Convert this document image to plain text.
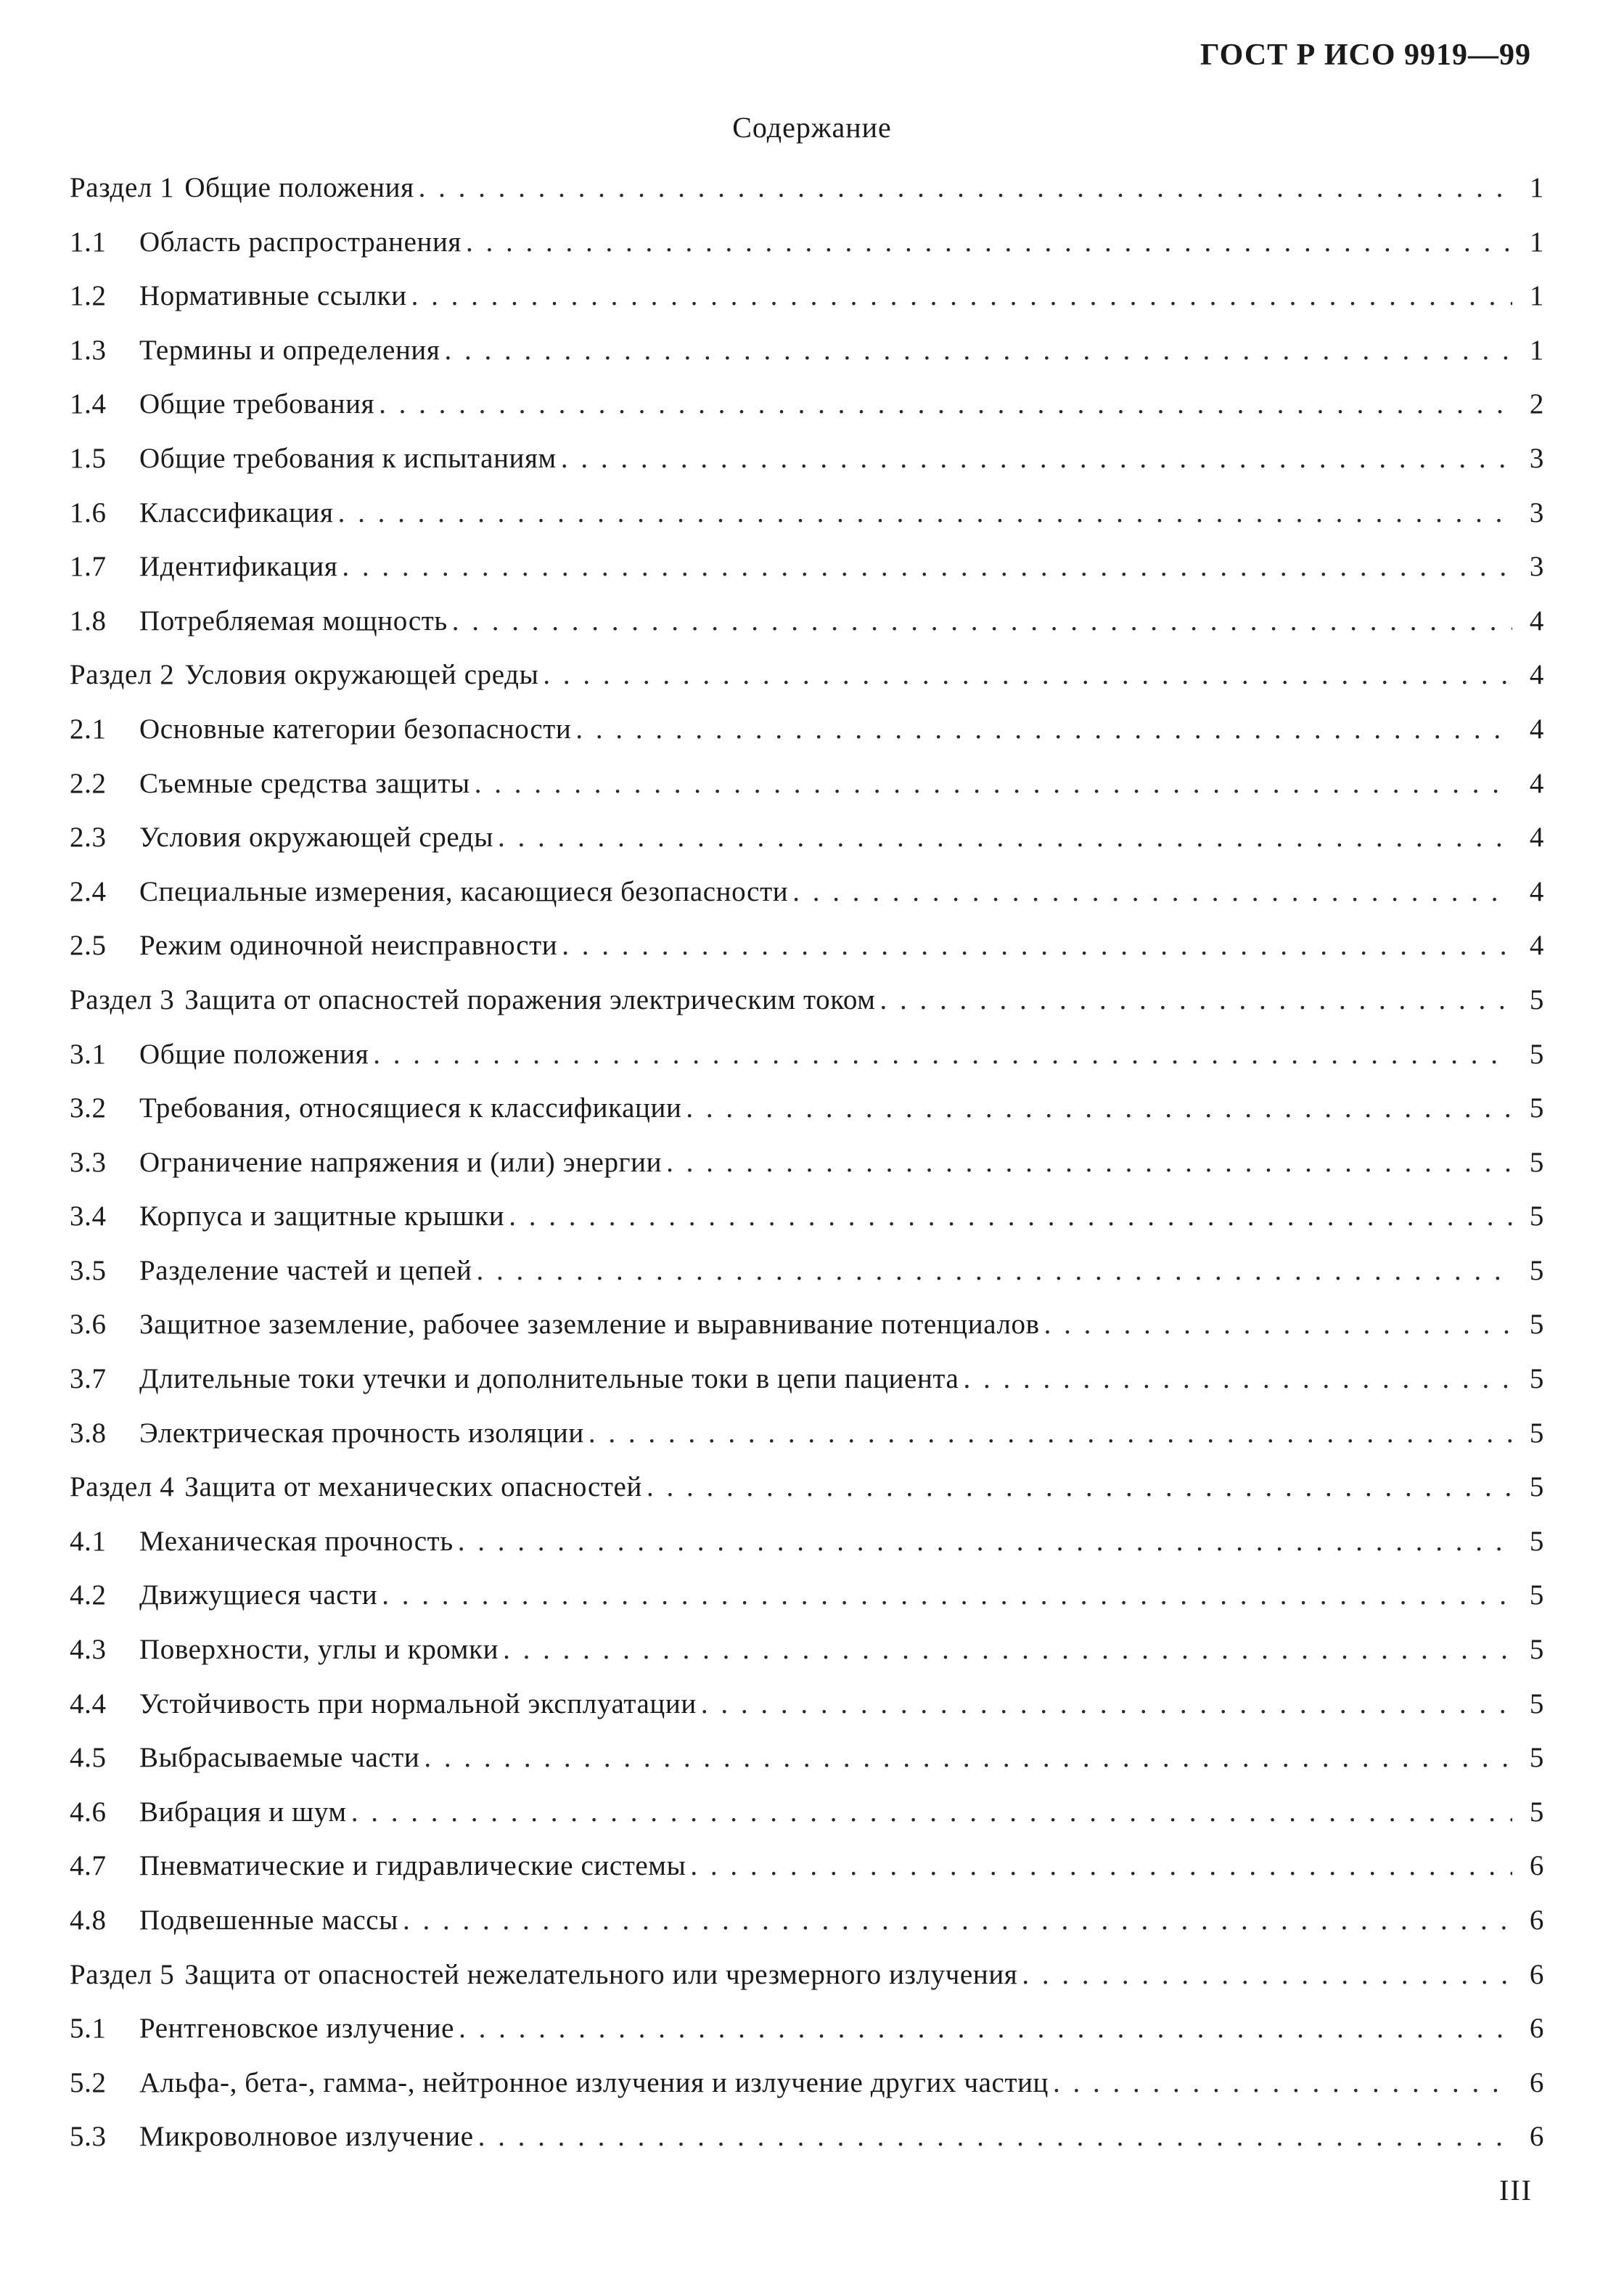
ГОСТ Р ИСО 9919—99
Содержание
Раздел 1 Общие положения . . .	1
1.1	Область распространения . . .	1
1.2	Нормативные ссылки . . .	1
1.3	Термины и определения . . .	1
1.4	Общие требования . . .	2
1.5	Общие требования к испытаниям . . .	3
1.6	Классификация . . .	3
1.7	Идентификация . . .	3
1.8	Потребляемая мощность . . .	4
Раздел 2 Условия окружающей среды . . .	4
2.1	Основные категории безопасности . . .	4
2.2	Съемные средства защиты . . .	4
2.3	Условия окружающей среды . . .	4
2.4	Специальные измерения, касающиеся безопасности . . .	4
2.5	Режим одиночной неисправности . . .	4
Раздел 3 Защита от опасностей поражения электрическим током . . .	5
3.1	Общие положения . . .	5
3.2	Требования, относящиеся к классификации . . .	5
3.3	Ограничение напряжения и (или) энергии . . .	5
3.4	Корпуса и защитные крышки . . .	5
3.5	Разделение частей и цепей . . .	5
3.6	Защитное заземление, рабочее заземление и выравнивание потенциалов . . .	5
3.7	Длительные токи утечки и дополнительные токи в цепи пациента . . .	5
3.8	Электрическая прочность изоляции . . .	5
Раздел 4 Защита от механических опасностей . . .	5
4.1	Механическая прочность . . .	5
4.2	Движущиеся части . . .	5
4.3	Поверхности, углы и кромки . . .	5
4.4	Устойчивость при нормальной эксплуатации . . .	5
4.5	Выбрасываемые части . . .	5
4.6	Вибрация и шум . . .	5
4.7	Пневматические и гидравлические системы . . .	6
4.8	Подвешенные массы . . .	6
Раздел 5 Защита от опасностей нежелательного или чрезмерного излучения . . .	6
5.1	Рентгеновское излучение . . .	6
5.2	Альфа-, бета-, гамма-, нейтронное излучения и излучение других частиц . . .	6
5.3	Микроволновое излучение . . .	6
III
